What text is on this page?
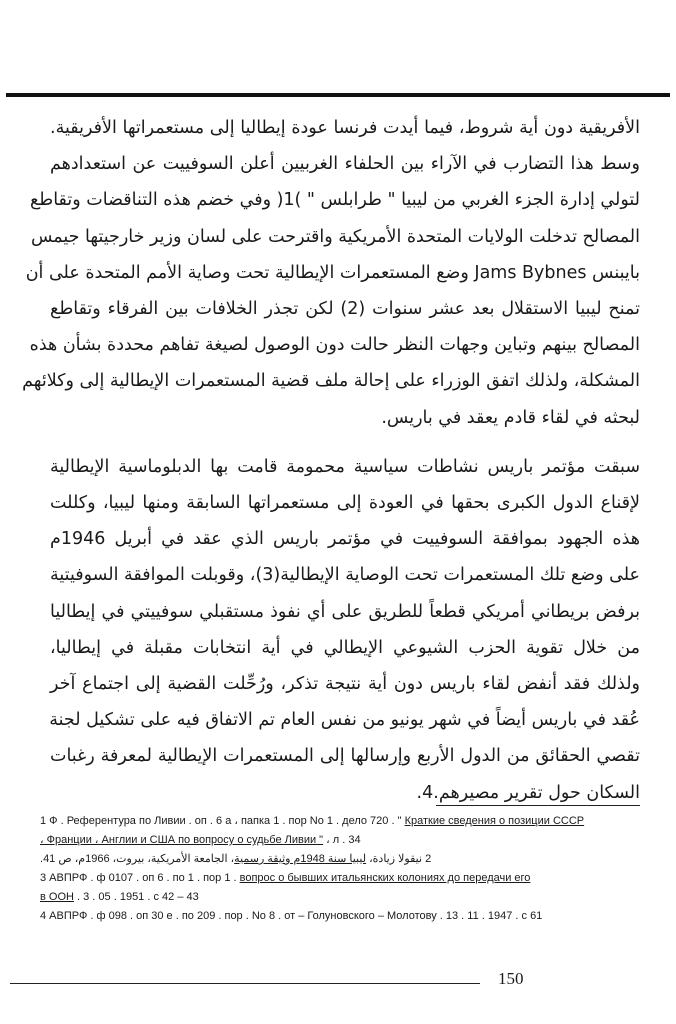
الأفريقية دون أية شروط، فيما أيدت فرنسا عودة إيطاليا إلى مستعمراتها الأفريقية.
وسط هذا التضارب في الآراء بين الحلفاء الغربيين أعلن السوفييت عن استعدادهم
لتولي إدارة الجزء الغربي من ليبيا " طرابلس " )1( وفي خضم هذه التناقضات وتقاطع
المصالح تدخلت الولايات المتحدة الأمريكية واقترحت على لسان وزير خارجيتها جيمس
بايبنس Jams Bybnes وضع المستعمرات الإيطالية تحت وصاية الأمم المتحدة على أن
تمنح ليبيا الاستقلال بعد عشر سنوات (2) لكن تجذر الخلافات بين الفرقاء وتقاطع
المصالح بينهم وتباين وجهات النظر حالت دون الوصول لصيغة تفاهم محددة بشأن هذه
المشكلة، ولذلك اتفق الوزراء على إحالة ملف قضية المستعمرات الإيطالية إلى وكلائهم
لبحثه في لقاء قادم يعقد في باريس.

سبقت مؤتمر باريس نشاطات سياسية محمومة قامت بها الدبلوماسية الإيطالية
لإقناع الدول الكبرى بحقها في العودة إلى مستعمراتها السابقة ومنها ليبيا، وكللت
هذه الجهود بموافقة السوفييت في مؤتمر باريس الذي عقد في أبريل 1946م
على وضع تلك المستعمرات تحت الوصاية الإيطالية(3)، وقوبلت الموافقة السوفيتية
برفض بريطاني أمريكي قطعاً للطريق على أي نفوذ مستقبلي سوفييتي في إيطاليا
من خلال تقوية الحزب الشيوعي الإيطالي في أية انتخابات مقبلة في إيطاليا،
ولذلك فقد أنفض لقاء باريس دون أية نتيجة تذكر، ورُحِّلت القضية إلى اجتماع آخر
عُقد في باريس أيضاً في شهر يونيو من نفس العام تم الاتفاق فيه على تشكيل لجنة
تقصي الحقائق من الدول الأربع وإرسالها إلى المستعمرات الإيطالية لمعرفة رغبات
السكان حول تقرير مصيرهم.4.

1 Ф . Референтура по Ливии . оп . 6 а ، папка 1 . пор No 1 . дело 720 . " Краткие сведения о позиции СССР
، Франции ، Англии и США по вопросу о судьбе Ливии " ، л . 34
2 نيقولا زيادة، ليبيا سنة 1948م وثيقة رسمية، الجامعة الأمريكية، بيروت، 1966م، ص 41.
3 АВПРФ . ф 0107 . оп 6 . по 1 . пор 1 . вопрос о бывших итальянских колониях до передачи его
в ООН . 3 . 05 . 1951 . с 42 – 43
4 АВПРФ . ф 098 . оп 30 е . по 209 . пор . No 8 . от – Голуновского – Молотову . 13 . 11 . 1947 . с 61
150
